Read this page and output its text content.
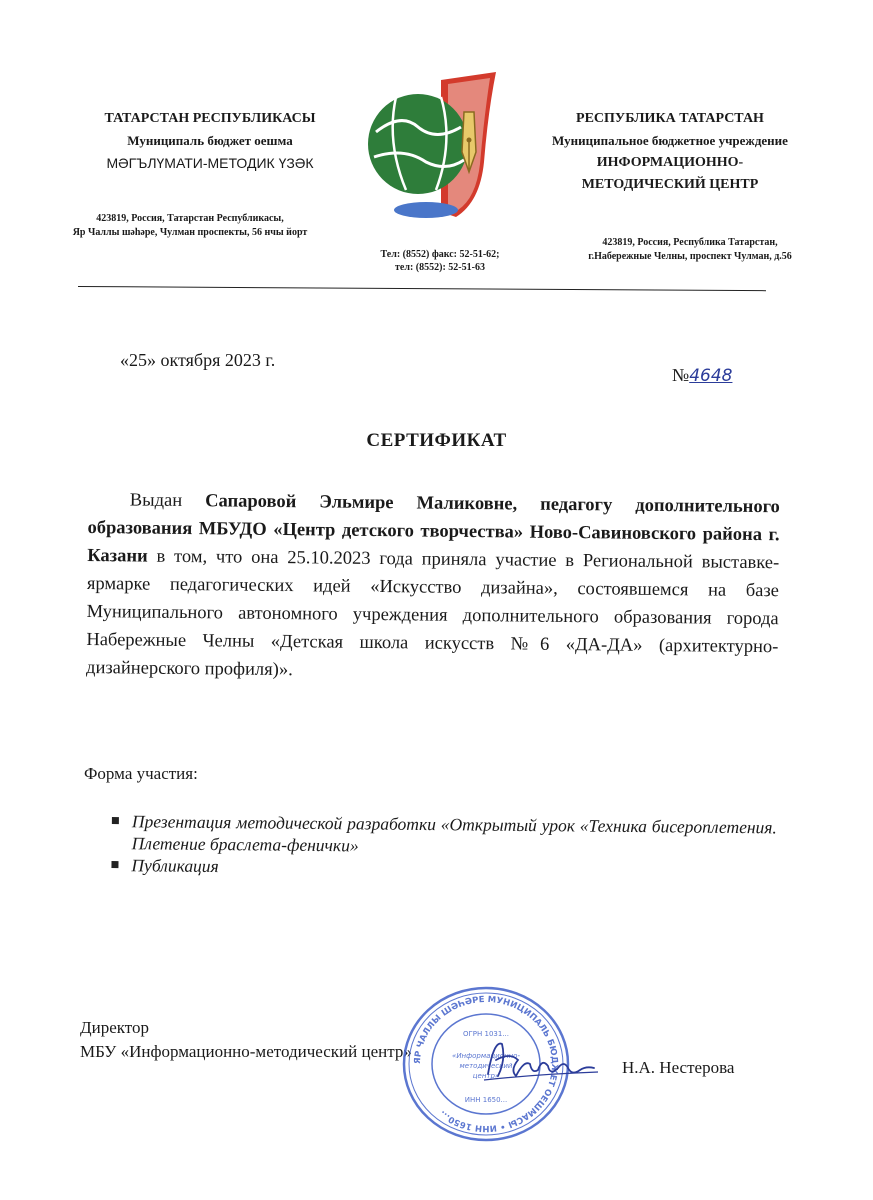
ТАТАРСТАН РЕСПУБЛИКАСЫ
Муниципаль бюджет оешма
МӘГЪЛҮМАТИ-МЕТОДИК ҮЗӘК
423819, Россия, Татарстан Республикасы,
Яр Чаллы шәһәре, Чулман проспекты, 56 нчы йорт
РЕСПУБЛИКА ТАТАРСТАН
Муниципальное бюджетное учреждение
ИНФОРМАЦИОННО-
МЕТОДИЧЕСКИЙ ЦЕНТР
423819, Россия, Республика Татарстан,
г.Набережные Челны, проспект Чулман, д.56
Тел: (8552) факс: 52-51-62;
тел: (8552): 52-51-63
«25» октября 2023 г.
№4648
СЕРТИФИКАТ
Выдан Сапаровой Эльмире Маликовне, педагогу дополнительного образования МБУДО «Центр детского творчества» Ново-Савиновского района г. Казани в том, что она 25.10.2023 года приняла участие в Региональной выставке-ярмарке педагогических идей «Искусство дизайна», состоявшемся на базе Муниципального автономного учреждения дополнительного образования города Набережные Челны «Детская школа искусств №6 «ДА-ДА» (архитектурно-дизайнерского профиля)».
Форма участия:
Презентация методической разработки «Открытый урок «Техника бисероплетения. Плетение браслета-фенички»
Публикация
Директор
МБУ «Информационно-методический центр»
Н.А. Нестерова
ЯР ЧАЛЛЫ ШӘҺӘРЕ МУНИЦИПАЛЬ БЮДЖЕТ ОЕШМАСЫ • ИНН 1650...
ОГРН 1031...
«Информационно-
методический
центр»
ИНН 1650...
